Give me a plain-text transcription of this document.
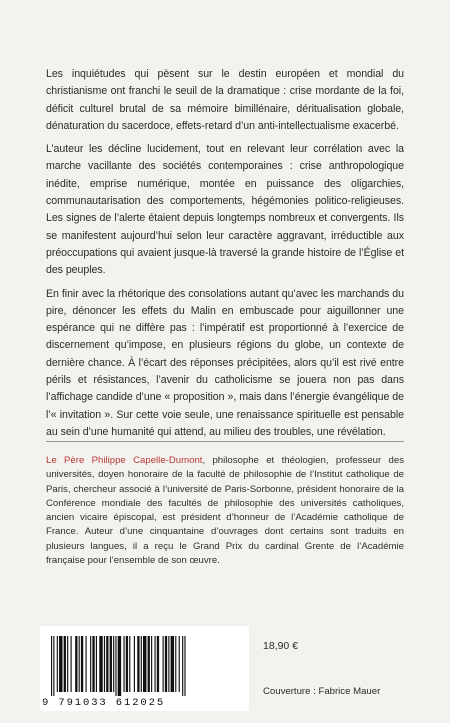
Les inquiétudes qui pèsent sur le destin européen et mondial du christianisme ont franchi le seuil de la dramatique : crise mordante de la foi, déficit culturel brutal de sa mémoire bimillénaire, déritualisation globale, dénaturation du sacerdoce, effets-retard d’un anti-intellectualisme exacerbé.

L’auteur les décline lucidement, tout en relevant leur corrélation avec la marche vacillante des sociétés contemporaines : crise anthropologique inédite, emprise numérique, montée en puissance des oligarchies, communautarisation des comportements, hégémonies politico-religieuses. Les signes de l’alerte étaient depuis longtemps nombreux et convergents. Ils se manifestent aujourd’hui selon leur caractère aggravant, irréductible aux préoccupations qui avaient jusque-là traversé la grande histoire de l’Église et des peuples.

En finir avec la rhétorique des consolations autant qu’avec les marchands du pire, dénoncer les effets du Malin en embuscade pour aiguillonner une espérance qui ne diffère pas : l’impératif est proportionné à l’exercice de discernement qu’impose, en plusieurs régions du globe, un contexte de dernière chance. À l’écart des réponses précipitées, alors qu’il est rivé entre périls et résistances, l’avenir du catholicisme se jouera non pas dans l’affichage candide d’une « proposition », mais dans l’énergie évangélique de l’« invitation ». Sur cette voie seule, une renaissance spirituelle est pensable au sein d’une humanité qui attend, au milieu des troubles, une révélation.

Le Père Philippe Capelle-Dumont, philosophe et théologien, professeur des universités, doyen honoraire de la faculté de philosophie de l’Institut catholique de Paris, chercheur associé à l’université de Paris-Sorbonne, président honoraire de la Conférence mondiale des facultés de philosophie des universités catholiques, ancien vicaire épiscopal, est président d’honneur de l’Académie catholique de France. Auteur d’une cinquantaine d’ouvrages dont certains sont traduits en plusieurs langues, il a reçu le Grand Prix du cardinal Grente de l’Académie française pour l’ensemble de son œuvre.
9 791033 612025
18,90 €
Couverture : Fabrice Mauer
